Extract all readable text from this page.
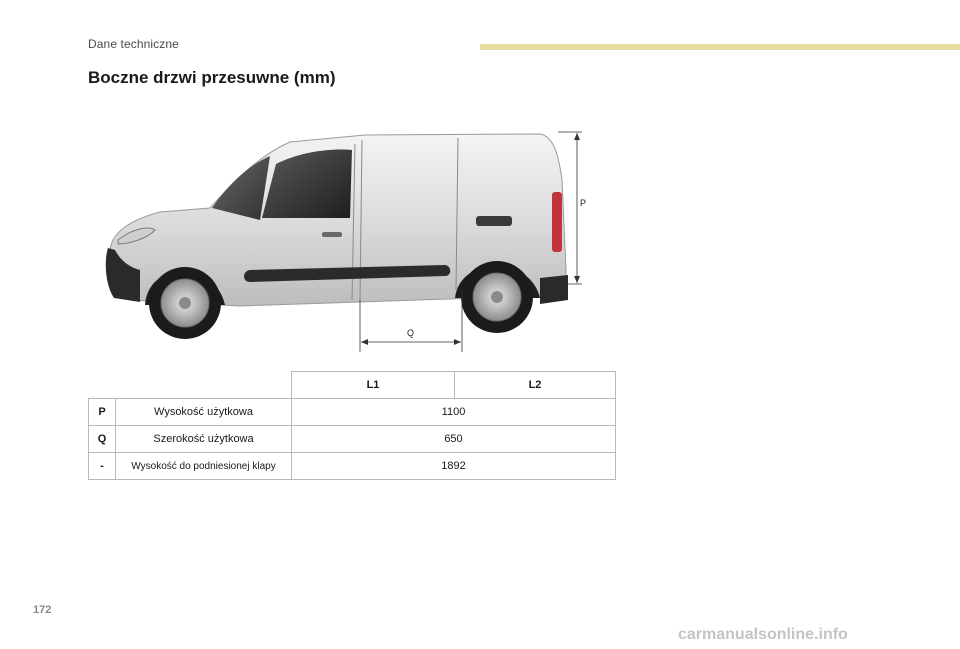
Dane techniczne
Boczne drzwi przesuwne (mm)
P
Q
		L1	L2
P	Wysokość użytkowa	1100	
Q	Szerokość użytkowa	650	
-	Wysokość do podniesionej klapy	1892	
172
carmanualsonline.info
